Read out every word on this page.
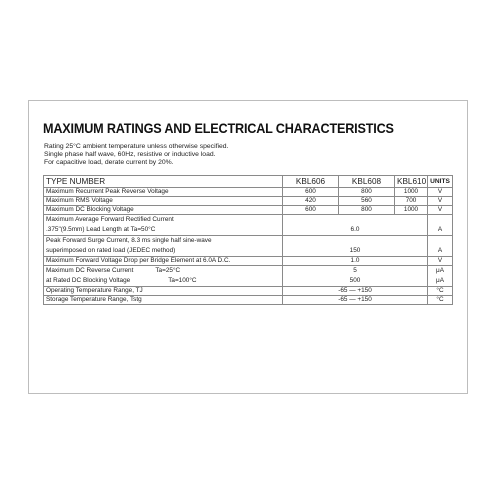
MAXIMUM RATINGS AND ELECTRICAL CHARACTERISTICS
Rating 25°C ambient temperature unless otherwise specified.
Single phase half wave, 60Hz, resistive or inductive load.
For capacitive load, derate current by 20%.
TYPE NUMBER	KBL606	KBL608	KBL610	UNITS
Maximum Recurrent Peak Reverse Voltage	600	800	1000	V
Maximum RMS Voltage	420	560	700	V
Maximum DC Blocking Voltage	600	800	1000	V
Maximum Average Forward Rectified Current				
.375"(9.5mm) Lead Length at Ta=50°C	6.0			A
Peak Forward Surge Current, 8.3 ms single half sine-wave				
superimposed on rated load (JEDEC method)	150			A
Maximum Forward Voltage Drop per Bridge Element at 6.0A D.C.	1.0			V
Maximum DC Reverse Current Ta=25°C	5			μA
at Rated DC Blocking Voltage Ta=100°C	500			μA
Operating Temperature Range, TJ	-65 — +150			°C
Storage Temperature Range, Tstg	-65 — +150			°C
